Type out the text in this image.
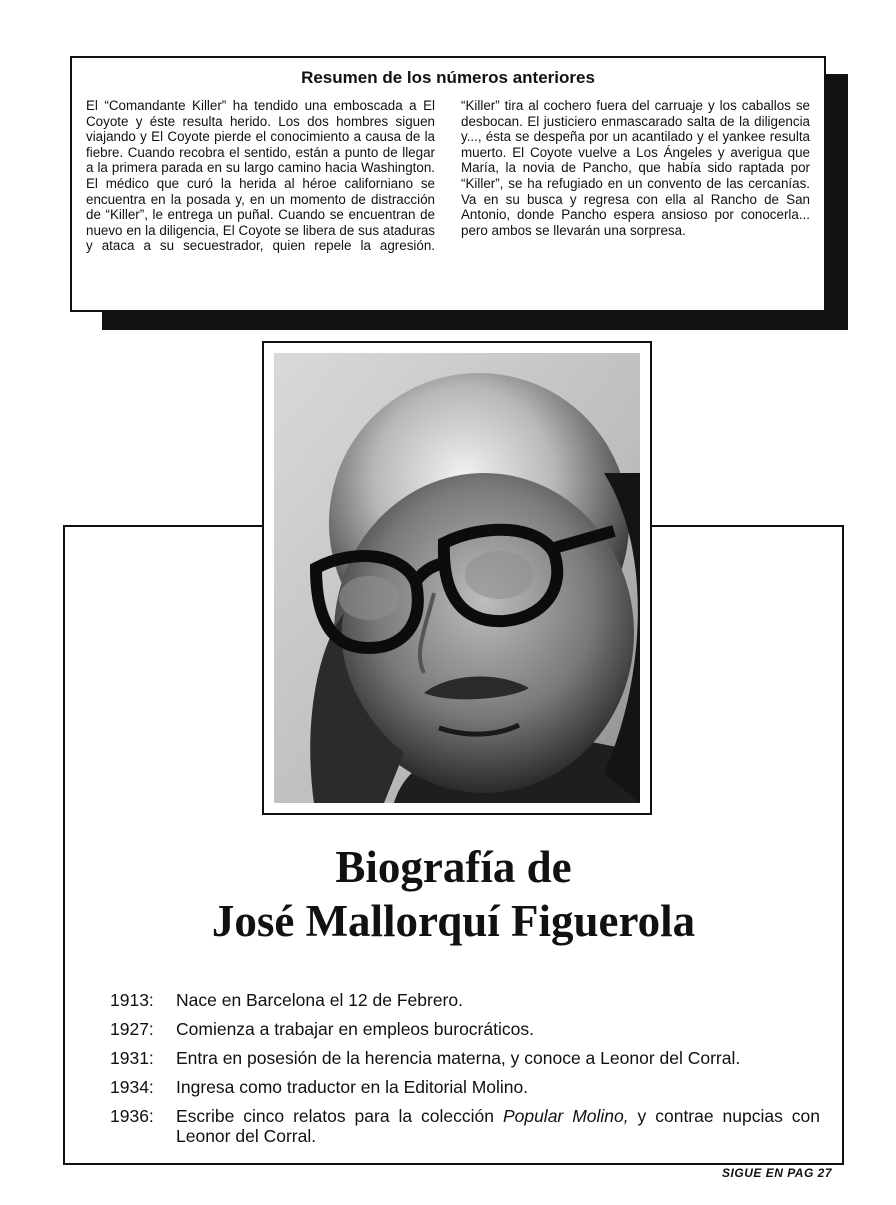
Resumen de los números anteriores
El “Comandante Killer” ha tendido una emboscada a El Coyote y éste resulta herido. Los dos hombres siguen viajando y El Coyote pierde el conocimiento a causa de la fiebre. Cuando recobra el sentido, están a punto de llegar a la primera parada en su largo camino hacia Washington. El médico que curó la herida al héroe californiano se encuentra en la posada y, en un momento de distracción de “Killer”, le entrega un puñal. Cuando se encuentran de nuevo en la diligencia, El Coyote se libera de sus ataduras y ataca a su secuestrador, quien repele la agresión. “Killer” tira al cochero fuera del carruaje y los caballos se desbocan. El justiciero enmascarado salta de la diligencia y..., ésta se despeña por un acantilado y el yankee resulta muerto. El Coyote vuelve a Los Ángeles y averigua que María, la novia de Pancho, que había sido raptada por “Killer”, se ha refugiado en un convento de las cercanías. Va en su busca y regresa con ella al Rancho de San Antonio, donde Pancho espera ansioso por conocerla... pero ambos se llevarán una sorpresa.
Biografía de
José Mallorquí Figuerola
1913:	Nace en Barcelona el 12 de Febrero.
1927:	Comienza a trabajar en empleos burocráticos.
1931:	Entra en posesión de la herencia materna, y conoce a Leonor del Corral.
1934:	Ingresa como traductor en la Editorial Molino.
1936:	Escribe cinco relatos para la colección Popular Molino, y contrae nupcias con Leonor del Corral.
SIGUE EN PAG 27
